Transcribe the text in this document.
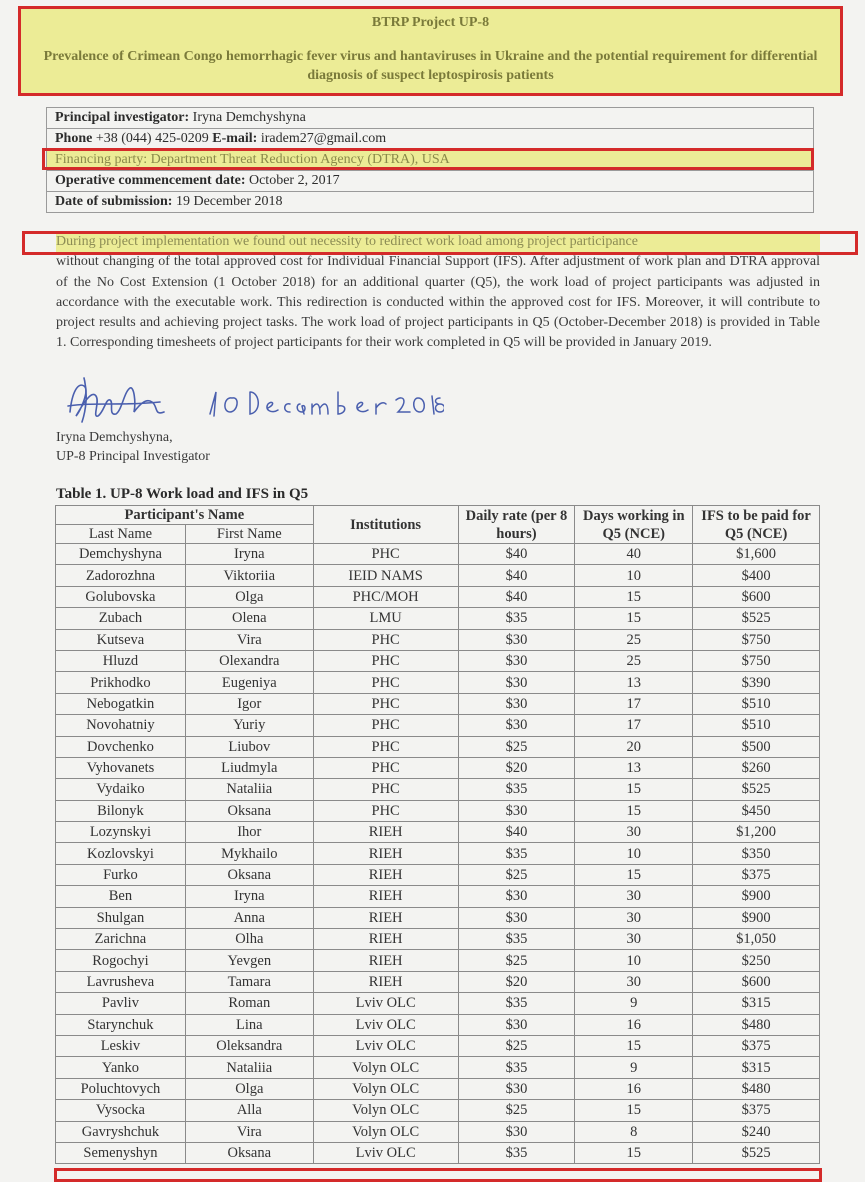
BTRP Project UP-8
Prevalence of Crimean Congo hemorrhagic fever virus and hantaviruses in Ukraine and the potential requirement for differential diagnosis of suspect leptospirosis patients
Principal investigator: Iryna Demchyshyna
Phone +38 (044) 425-0209 E-mail: iradem27@gmail.com
Financing party: Department Threat Reduction Agency (DTRA), USA
Operative commencement date: October 2, 2017
Date of submission: 19 December 2018
During project implementation we found out necessity to redirect work load among project participance
without changing of the total approved cost for Individual Financial Support (IFS). After adjustment of work plan and DTRA approval of the No Cost Extension (1 October 2018) for an additional quarter (Q5), the work load of project participants was adjusted in accordance with the executable work. This redirection is conducted within the approved cost for IFS. Moreover, it will contribute to project results and achieving project tasks. The work load of project participants in Q5 (October-December 2018) is provided in Table 1. Corresponding timesheets of project participants for their work completed in Q5 will be provided in January 2019.
Iryna Demchyshyna,
UP-8 Principal Investigator
Table 1. UP-8 Work load and IFS in Q5
Participant's Name		Institutions	Daily rate (per 8 hours)	Days working in Q5 (NCE)	IFS to be paid for Q5 (NCE)
Last Name	First Name				
Demchyshyna	Iryna	PHC	$40	40	$1,600
Zadorozhna	Viktoriia	IEID NAMS	$40	10	$400
Golubovska	Olga	PHC/MOH	$40	15	$600
Zubach	Olena	LMU	$35	15	$525
Kutseva	Vira	PHC	$30	25	$750
Hluzd	Olexandra	PHC	$30	25	$750
Prikhodko	Eugeniya	PHC	$30	13	$390
Nebogatkin	Igor	PHC	$30	17	$510
Novohatniy	Yuriy	PHC	$30	17	$510
Dovchenko	Liubov	PHC	$25	20	$500
Vyhovanets	Liudmyla	PHC	$20	13	$260
Vydaiko	Nataliia	PHC	$35	15	$525
Bilonyk	Oksana	PHC	$30	15	$450
Lozynskyi	Ihor	RIEH	$40	30	$1,200
Kozlovskyi	Mykhailo	RIEH	$35	10	$350
Furko	Oksana	RIEH	$25	15	$375
Ben	Iryna	RIEH	$30	30	$900
Shulgan	Anna	RIEH	$30	30	$900
Zarichna	Olha	RIEH	$35	30	$1,050
Rogochyi	Yevgen	RIEH	$25	10	$250
Lavrusheva	Tamara	RIEH	$20	30	$600
Pavliv	Roman	Lviv OLC	$35	9	$315
Starynchuk	Lina	Lviv OLC	$30	16	$480
Leskiv	Oleksandra	Lviv OLC	$25	15	$375
Yanko	Nataliia	Volyn OLC	$35	9	$315
Poluchtovych	Olga	Volyn OLC	$30	16	$480
Vysocka	Alla	Volyn OLC	$25	15	$375
Gavryshchuk	Vira	Volyn OLC	$30	8	$240
Semenyshyn	Oksana	Lviv OLC	$35	15	$525
